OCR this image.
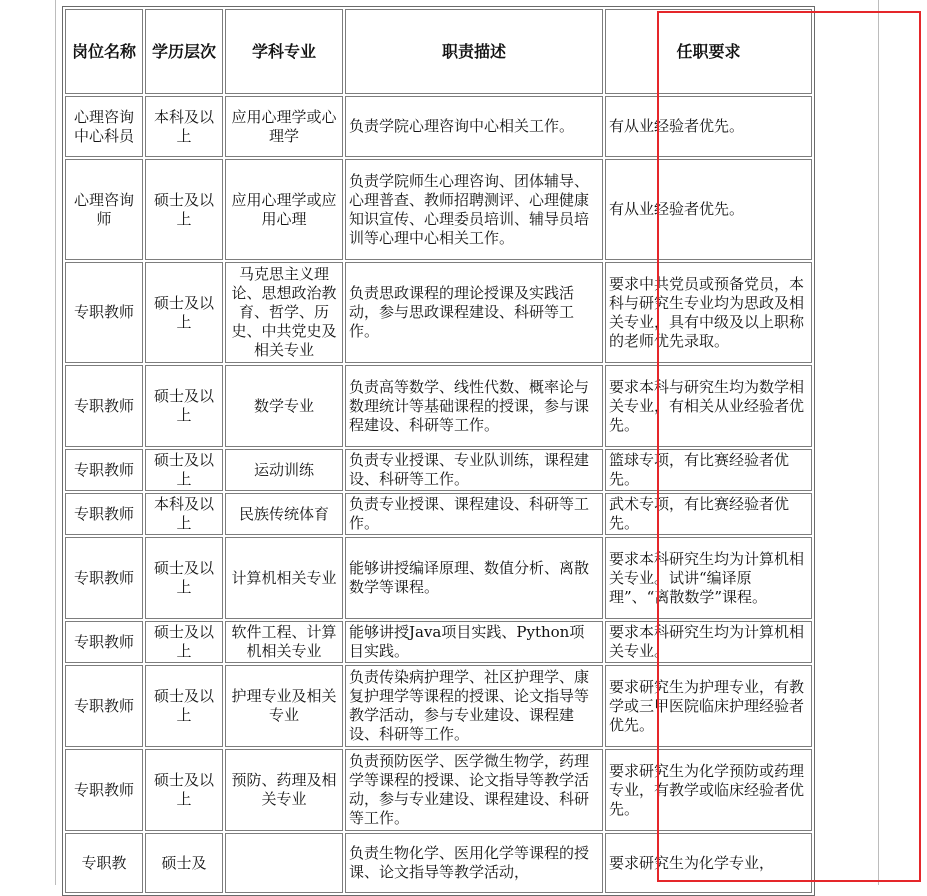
岗位名称	学历层次	学科专业	职责描述	任职要求
心理咨询中心科员	本科及以上	应用心理学或心理学	负责学院心理咨询中心相关工作。	有从业经验者优先。
心理咨询师	硕士及以上	应用心理学或应用心理	负责学院师生心理咨询、团体辅导、心理普查、教师招聘测评、心理健康知识宣传、心理委员培训、辅导员培训等心理中心相关工作。	有从业经验者优先。
专职教师	硕士及以上	马克思主义理论、思想政治教育、哲学、历史、中共党史及相关专业	负责思政课程的理论授课及实践活动，参与思政课程建设、科研等工作。	要求中共党员或预备党员，本科与研究生专业均为思政及相关专业，具有中级及以上职称的老师优先录取。
专职教师	硕士及以上	数学专业	负责高等数学、线性代数、概率论与数理统计等基础课程的授课，参与课程建设、科研等工作。	要求本科与研究生均为数学相关专业，有相关从业经验者优先。
专职教师	硕士及以上	运动训练	负责专业授课、专业队训练，课程建设、科研等工作。	篮球专项，有比赛经验者优先。
专职教师	本科及以上	民族传统体育	负责专业授课、课程建设、科研等工作。	武术专项，有比赛经验者优先。
专职教师	硕士及以上	计算机相关专业	能够讲授编译原理、数值分析、离散数学等课程。	要求本科研究生均为计算机相关专业。试讲“编译原理”、“离散数学”课程。
专职教师	硕士及以上	软件工程、计算机相关专业	能够讲授Java项目实践、Python项目实践。	要求本科研究生均为计算机相关专业。
专职教师	硕士及以上	护理专业及相关专业	负责传染病护理学、社区护理学、康复护理学等课程的授课、论文指导等教学活动，参与专业建设、课程建设、科研等工作。	要求研究生为护理专业，有教学或三甲医院临床护理经验者优先。
专职教师	硕士及以上	预防、药理及相关专业	负责预防医学、医学微生物学，药理学等课程的授课、论文指导等教学活动，参与专业建设、课程建设、科研等工作。	要求研究生为化学预防或药理专业，有教学或临床经验者优先。
专职教	硕士及		负责生物化学、医用化学等课程的授课、论文指导等教学活动，	要求研究生为化学专业，
